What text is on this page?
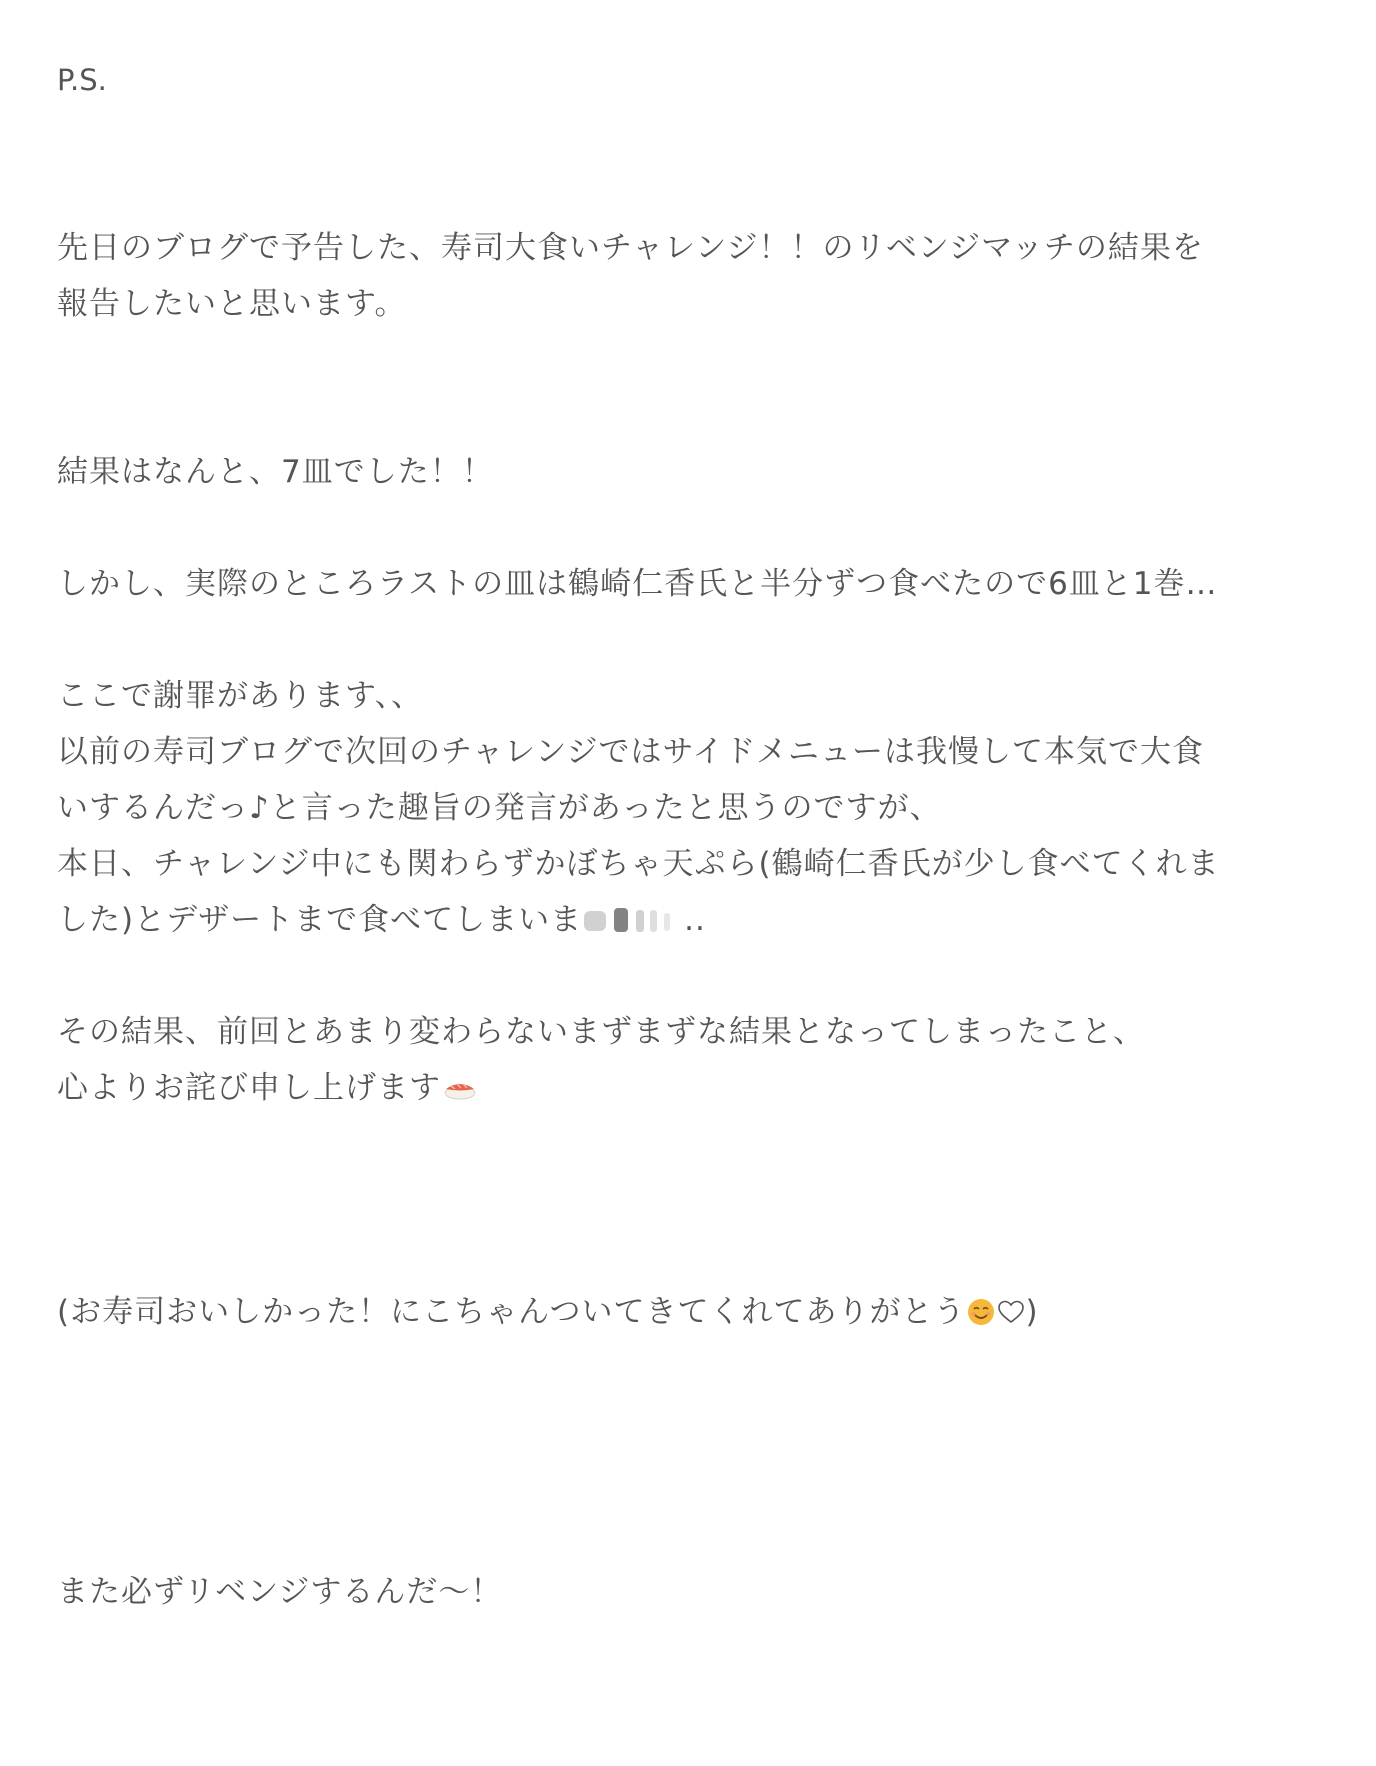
P.S.
先日のブログで予告した、寿司大食いチャレンジ！！のリベンジマッチの結果を
報告したいと思います。
結果はなんと、7皿でした！！
しかし、実際のところラストの皿は鶴崎仁香氏と半分ずつ食べたので6皿と1巻…
ここで謝罪があります、、
以前の寿司ブログで次回のチャレンジではサイドメニューは我慢して本気で大食
いするんだっ♪と言った趣旨の発言があったと思うのですが、
本日、チャレンジ中にも関わらずかぼちゃ天ぷら(鶴崎仁香氏が少し食べてくれま
した)とデザートまで食べてしまいま	..
その結果、前回とあまり変わらないまずまずな結果となってしまったこと、
心よりお詫び申し上げます
(お寿司おいしかった！にこちゃんついてきてくれてありがとう )
また必ずリベンジするんだ〜！
